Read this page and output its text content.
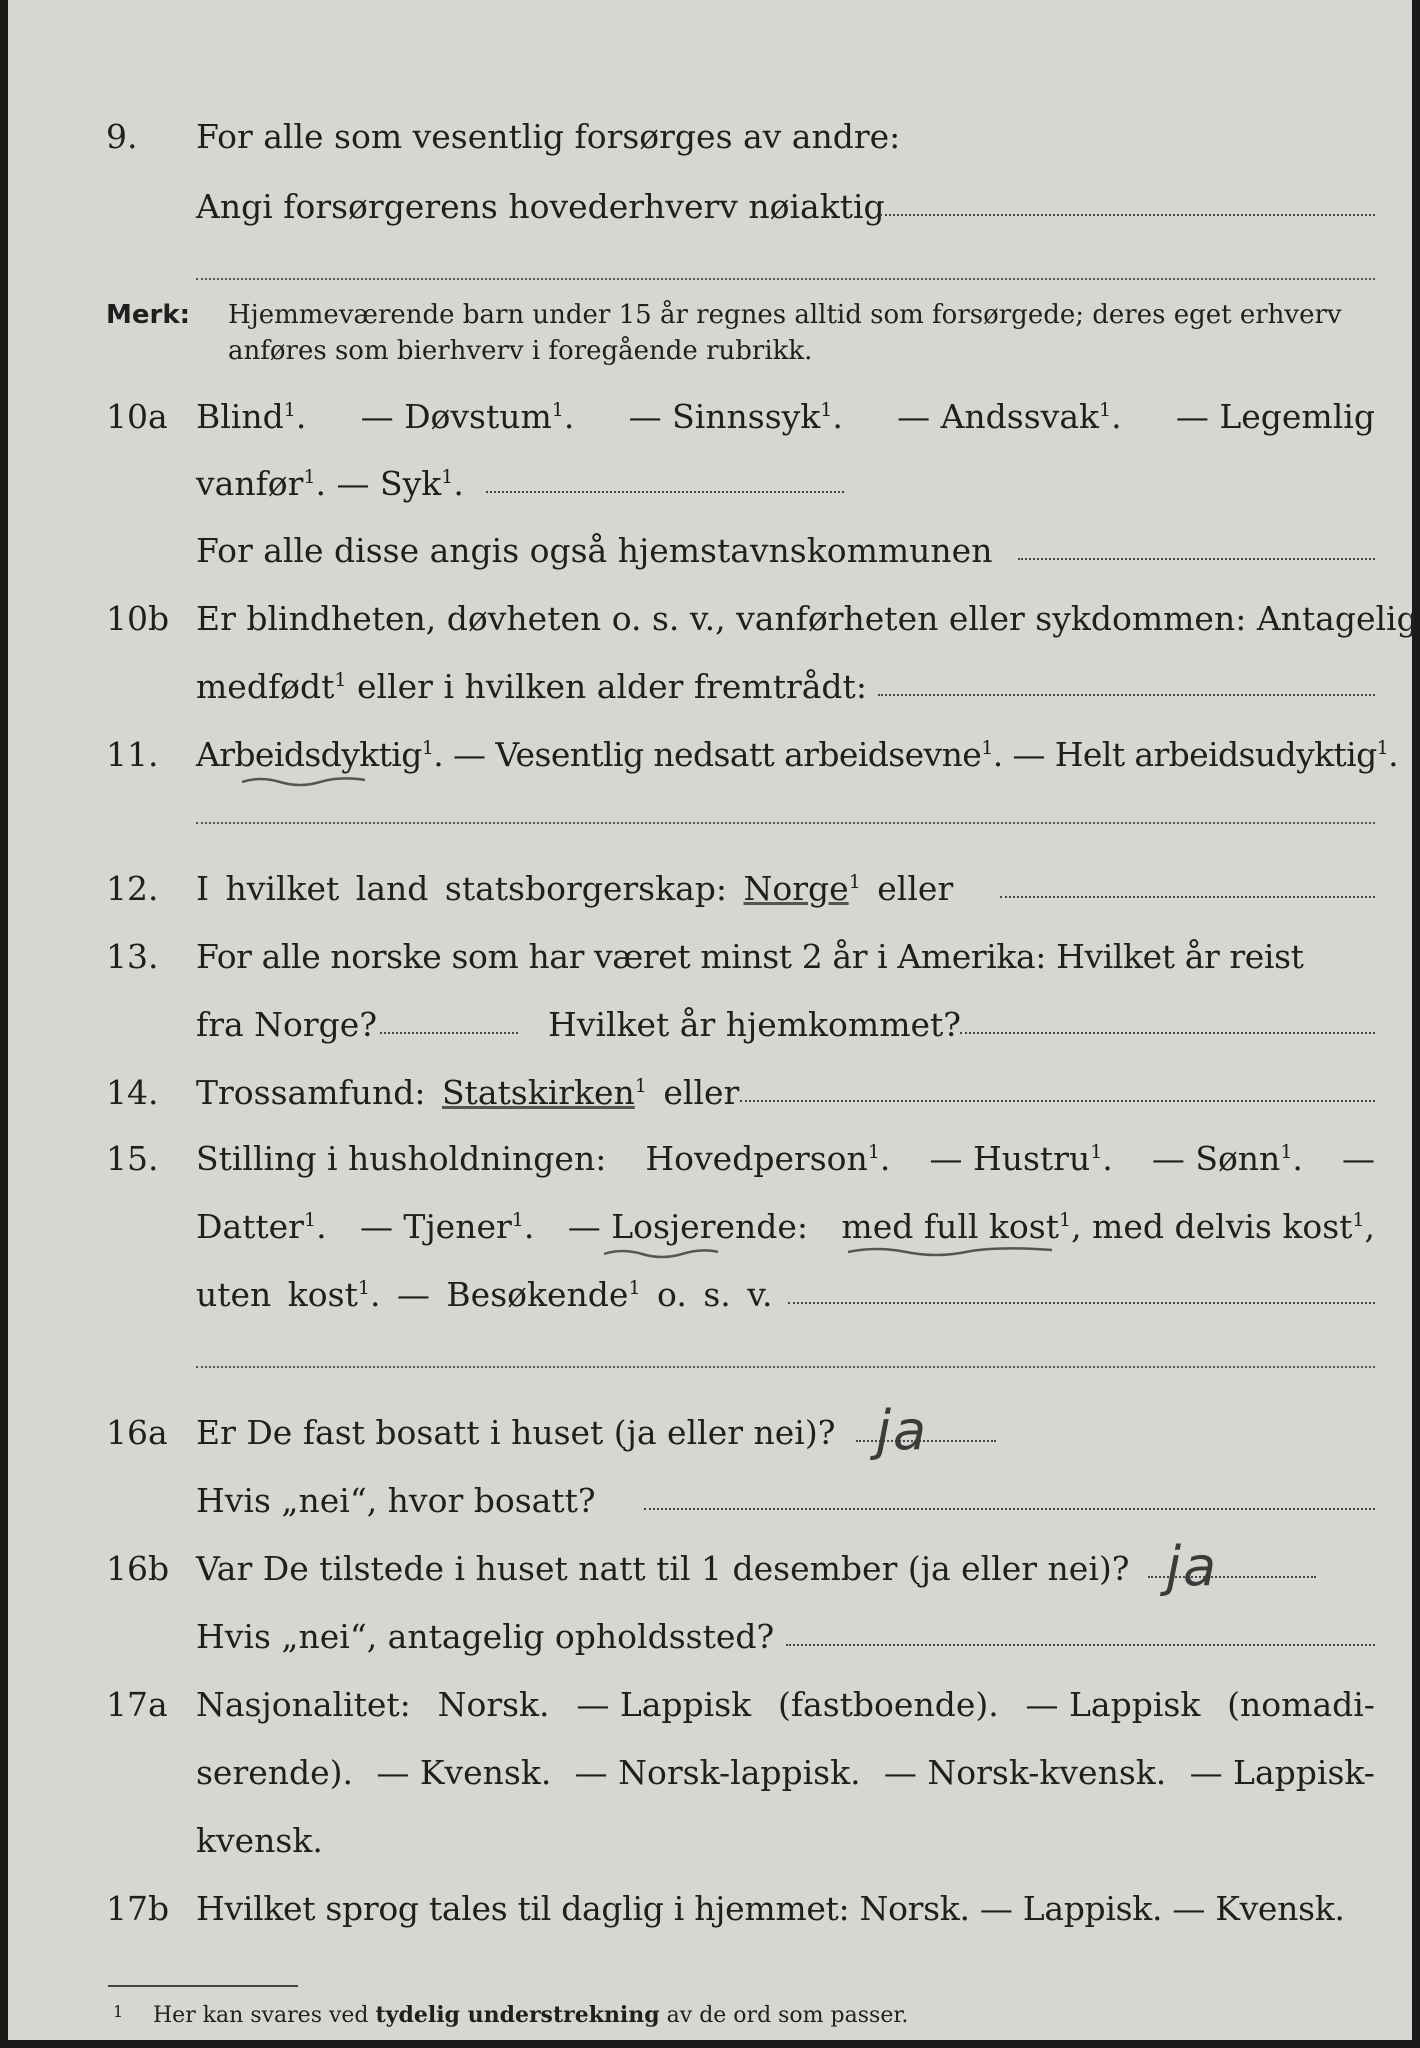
9. For alle som vesentlig forsørges av andre:
Angi forsørgerens hovederhverv nøiaktig
Merk: Hjemmeværende barn under 15 år regnes alltid som forsørgede; deres eget erhverv
anføres som bierhverv i foregående rubrikk.
10a Blind$^1$. — Døvstum$^1$. — Sinnssyk$^1$. — Andssvak$^1$. — Legemlig
vanfør$^1$. — Syk$^1$.
For alle disse angis også hjemstavnskommunen
10b Er blindheten, døvheten o. s. v., vanførheten eller sykdommen: Antagelig
medfødt$^1$ eller i hvilken alder fremtrådt:
11. Arbeidsdyktig$^1$. — Vesentlig nedsatt arbeidsevne$^1$. — Helt arbeidsudyktig$^1$.
12. I hvilket land statsborgerskap: Norge$^1$ eller
13. For alle norske som har været minst 2 år i Amerika: Hvilket år reist
fra Norge?	Hvilket år hjemkommet?
14. Trossamfund: Statskirken$^1$ eller
15. Stilling i husholdningen: Hovedperson$^1$. — Hustru$^1$. — Sønn$^1$. —
Datter$^1$. — Tjener$^1$. — Losjerende: med full kost$^1$, med delvis kost$^1$,
uten kost$^1$. — Besøkende$^1$ o. s. v.
16a Er De fast bosatt i huset (ja eller nei)? ja
Hvis „nei“, hvor bosatt?
16b Var De tilstede i huset natt til 1 desember (ja eller nei)? ja
Hvis „nei“, antagelig opholdssted?
17a Nasjonalitet: Norsk. — Lappisk (fastboende). — Lappisk (nomadi-
serende). — Kvensk. — Norsk-lappisk. — Norsk-kvensk. — Lappisk-
kvensk.
17b Hvilket sprog tales til daglig i hjemmet: Norsk. — Lappisk. — Kvensk.
1 Her kan svares ved tydelig understrekning av de ord som passer.
